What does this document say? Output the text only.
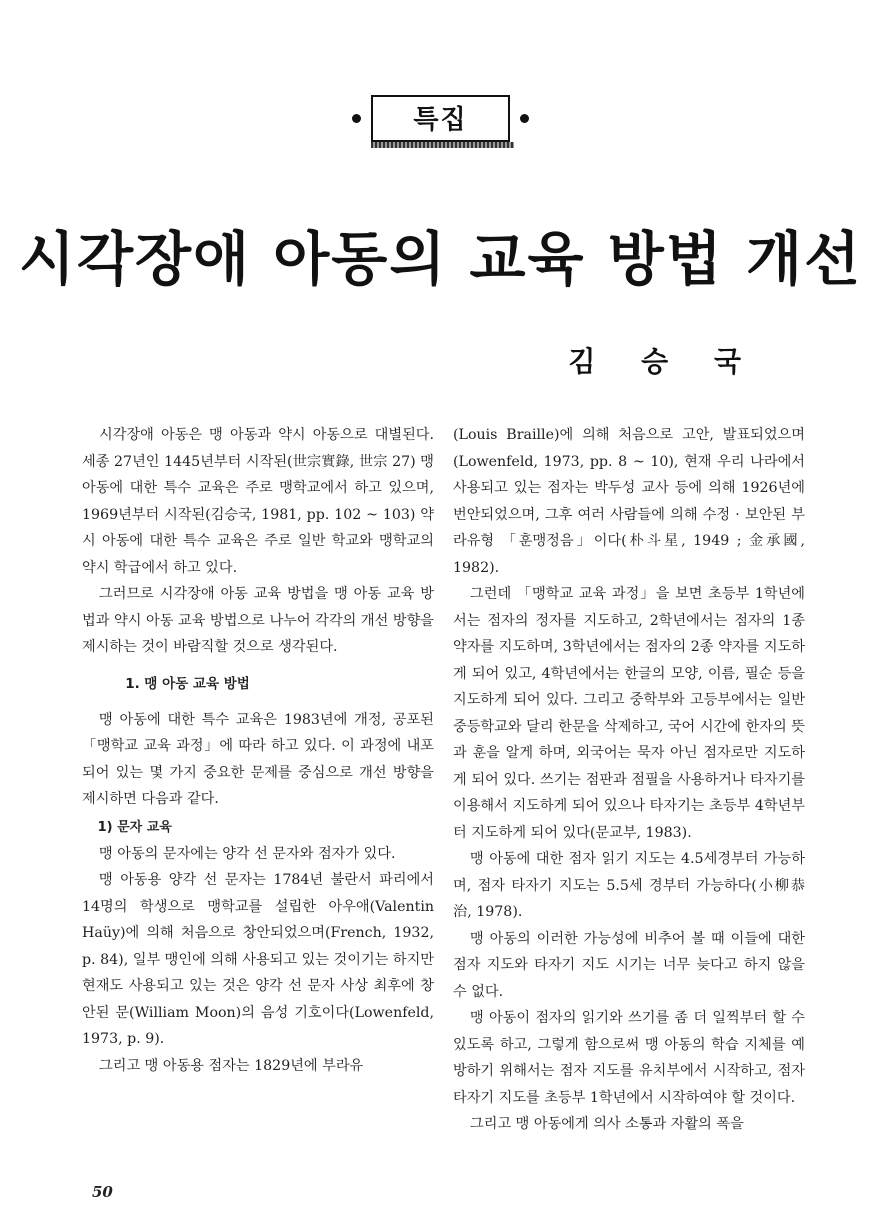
특집
시각장애 아동의 교육 방법 개선
김 승 국

시각장애 아동은 맹 아동과 약시 아동으로 대별된다. 세종 27년인 1445년부터 시작된(世宗實錄, 世宗 27) 맹 아동에 대한 특수 교육은 주로 맹학교에서 하고 있으며, 1969년부터 시작된(김승국, 1981, pp. 102 ~ 103) 약시 아동에 대한 특수 교육은 주로 일반 학교와 맹학교의 약시 학급에서 하고 있다.

그러므로 시각장애 아동 교육 방법을 맹 아동 교육 방법과 약시 아동 교육 방법으로 나누어 각각의 개선 방향을 제시하는 것이 바람직할 것으로 생각된다.

1. 맹 아동 교육 방법

맹 아동에 대한 특수 교육은 1983년에 개정, 공포된 「맹학교 교육 과정」에 따라 하고 있다. 이 과정에 내포되어 있는 몇 가지 중요한 문제를 중심으로 개선 방향을 제시하면 다음과 같다.

1) 문자 교육

맹 아동의 문자에는 양각 선 문자와 점자가 있다.

맹 아동용 양각 선 문자는 1784년 불란서 파리에서 14명의 학생으로 맹학교를 설립한 아우애(Valentin Haüy)에 의해 처음으로 창안되었으며(French, 1932, p. 84), 일부 맹인에 의해 사용되고 있는 것이기는 하지만 현재도 사용되고 있는 것은 양각 선 문자 사상 최후에 창안된 문(William Moon)의 음성 기호이다(Lowenfeld, 1973, p. 9).

그리고 맹 아동용 점자는 1829년에 부라유

(Louis Braille)에 의해 처음으로 고안, 발표되었으며(Lowenfeld, 1973, pp. 8 ~ 10), 현재 우리 나라에서 사용되고 있는 점자는 박두성 교사 등에 의해 1926년에 번안되었으며, 그후 여러 사람들에 의해 수정 · 보안된 부라유형 「훈맹정음」이다(朴斗星, 1949 ; 金承國, 1982).

그런데 「맹학교 교육 과정」을 보면 초등부 1학년에서는 점자의 정자를 지도하고, 2학년에서는 점자의 1종 약자를 지도하며, 3학년에서는 점자의 2종 약자를 지도하게 되어 있고, 4학년에서는 한글의 모양, 이름, 필순 등을 지도하게 되어 있다. 그리고 중학부와 고등부에서는 일반 중등학교와 달리 한문을 삭제하고, 국어 시간에 한자의 뜻과 훈을 알게 하며, 외국어는 묵자 아닌 점자로만 지도하게 되어 있다. 쓰기는 점판과 점필을 사용하거나 타자기를 이용해서 지도하게 되어 있으나 타자기는 초등부 4학년부터 지도하게 되어 있다(문교부, 1983).

맹 아동에 대한 점자 읽기 지도는 4.5세경부터 가능하며, 점자 타자기 지도는 5.5세 경부터 가능하다(小柳恭治, 1978).

맹 아동의 이러한 가능성에 비추어 볼 때 이들에 대한 점자 지도와 타자기 지도 시기는 너무 늦다고 하지 않을 수 없다.

맹 아동이 점자의 읽기와 쓰기를 좀 더 일찍부터 할 수 있도록 하고, 그렇게 함으로써 맹 아동의 학습 지체를 예방하기 위해서는 점자 지도를 유치부에서 시작하고, 점자 타자기 지도를 초등부 1학년에서 시작하여야 할 것이다.

그리고 맹 아동에게 의사 소통과 자활의 폭을

50
